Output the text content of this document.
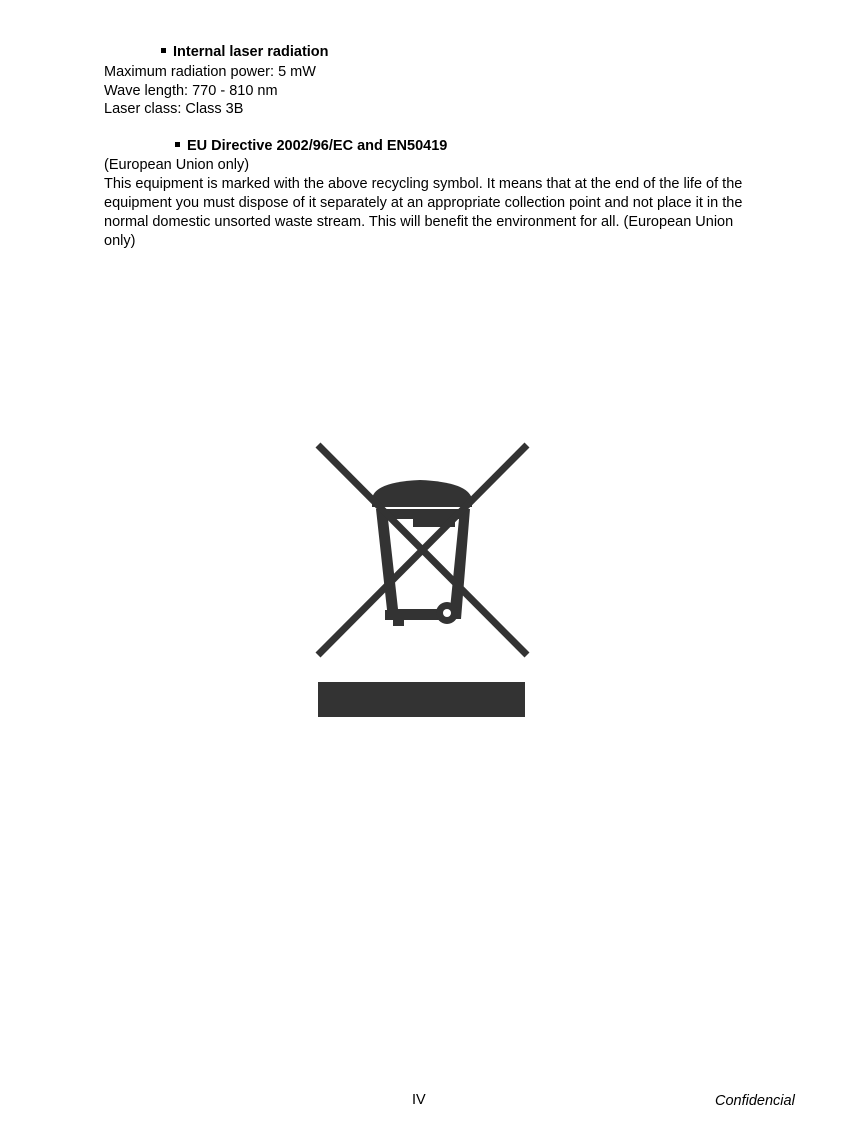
Internal laser radiation
Maximum radiation power: 5 mW
Wave length: 770 - 810 nm
Laser class: Class 3B
EU Directive 2002/96/EC and EN50419
(European Union only)

This equipment is marked with the above recycling symbol. It means that at the end of the life of the equipment you must dispose of it separately at an appropriate collection point and not place it in the normal domestic unsorted waste stream. This will benefit the environment for all. (European Union only)

IV	Confidencial
